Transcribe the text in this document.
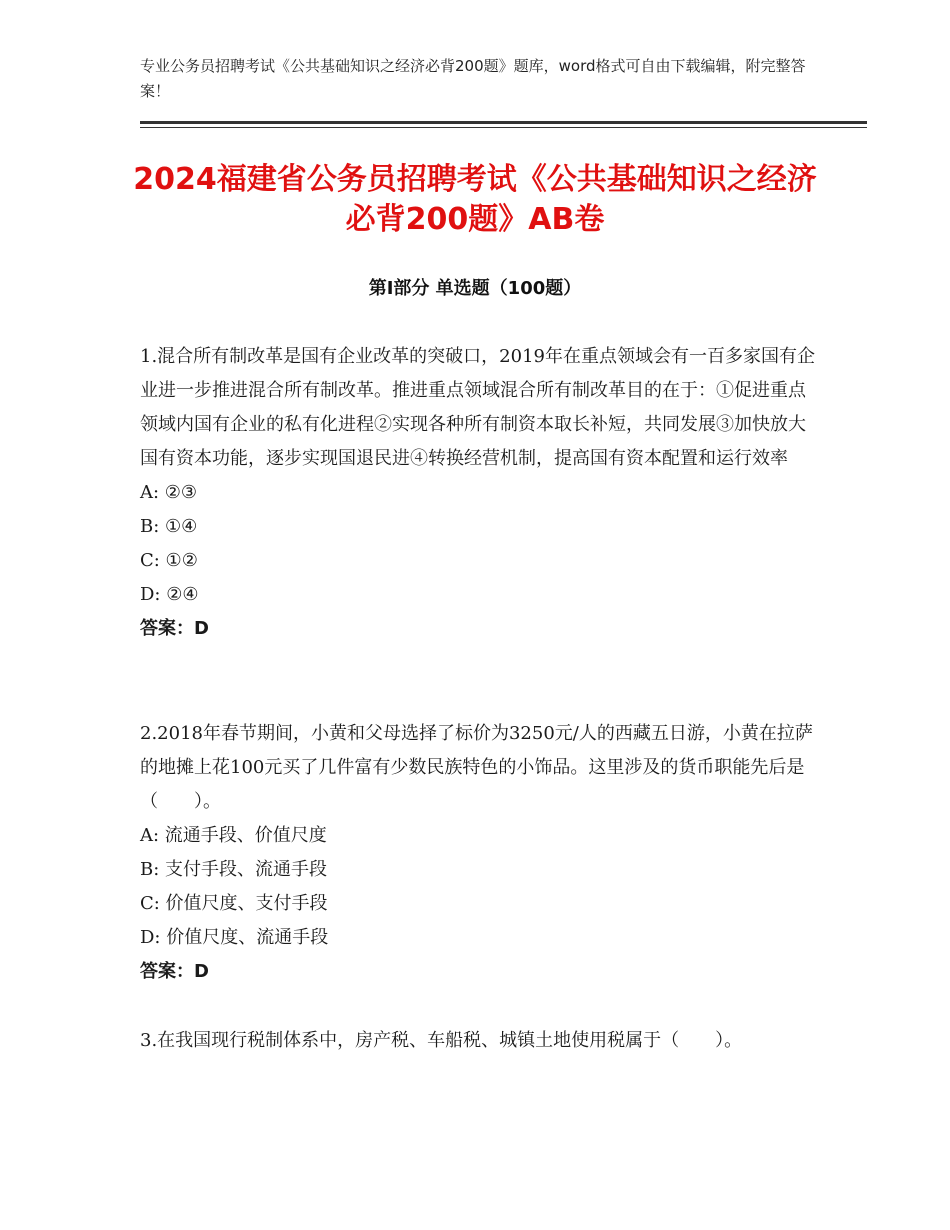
专业公务员招聘考试《公共基础知识之经济必背200题》题库，word格式可自由下载编辑，附完整答案！
2024福建省公务员招聘考试《公共基础知识之经济必背200题》AB卷
第Ⅰ部分 单选题（100题）

1.混合所有制改革是国有企业改革的突破口，2019年在重点领域会有一百多家国有企业进一步推进混合所有制改革。推进重点领域混合所有制改革目的在于：①促进重点领域内国有企业的私有化进程②实现各种所有制资本取长补短，共同发展③加快放大国有资本功能，逐步实现国退民进④转换经营机制，提高国有资本配置和运行效率

A: ②③

B: ①④

C: ①②

D: ②④

答案：D

2.2018年春节期间，小黄和父母选择了标价为3250元/人的西藏五日游，小黄在拉萨的地摊上花100元买了几件富有少数民族特色的小饰品。这里涉及的货币职能先后是（　　）。

A: 流通手段、价值尺度

B: 支付手段、流通手段

C: 价值尺度、支付手段

D: 价值尺度、流通手段

答案：D

3.在我国现行税制体系中，房产税、车船税、城镇土地使用税属于（　　）。
